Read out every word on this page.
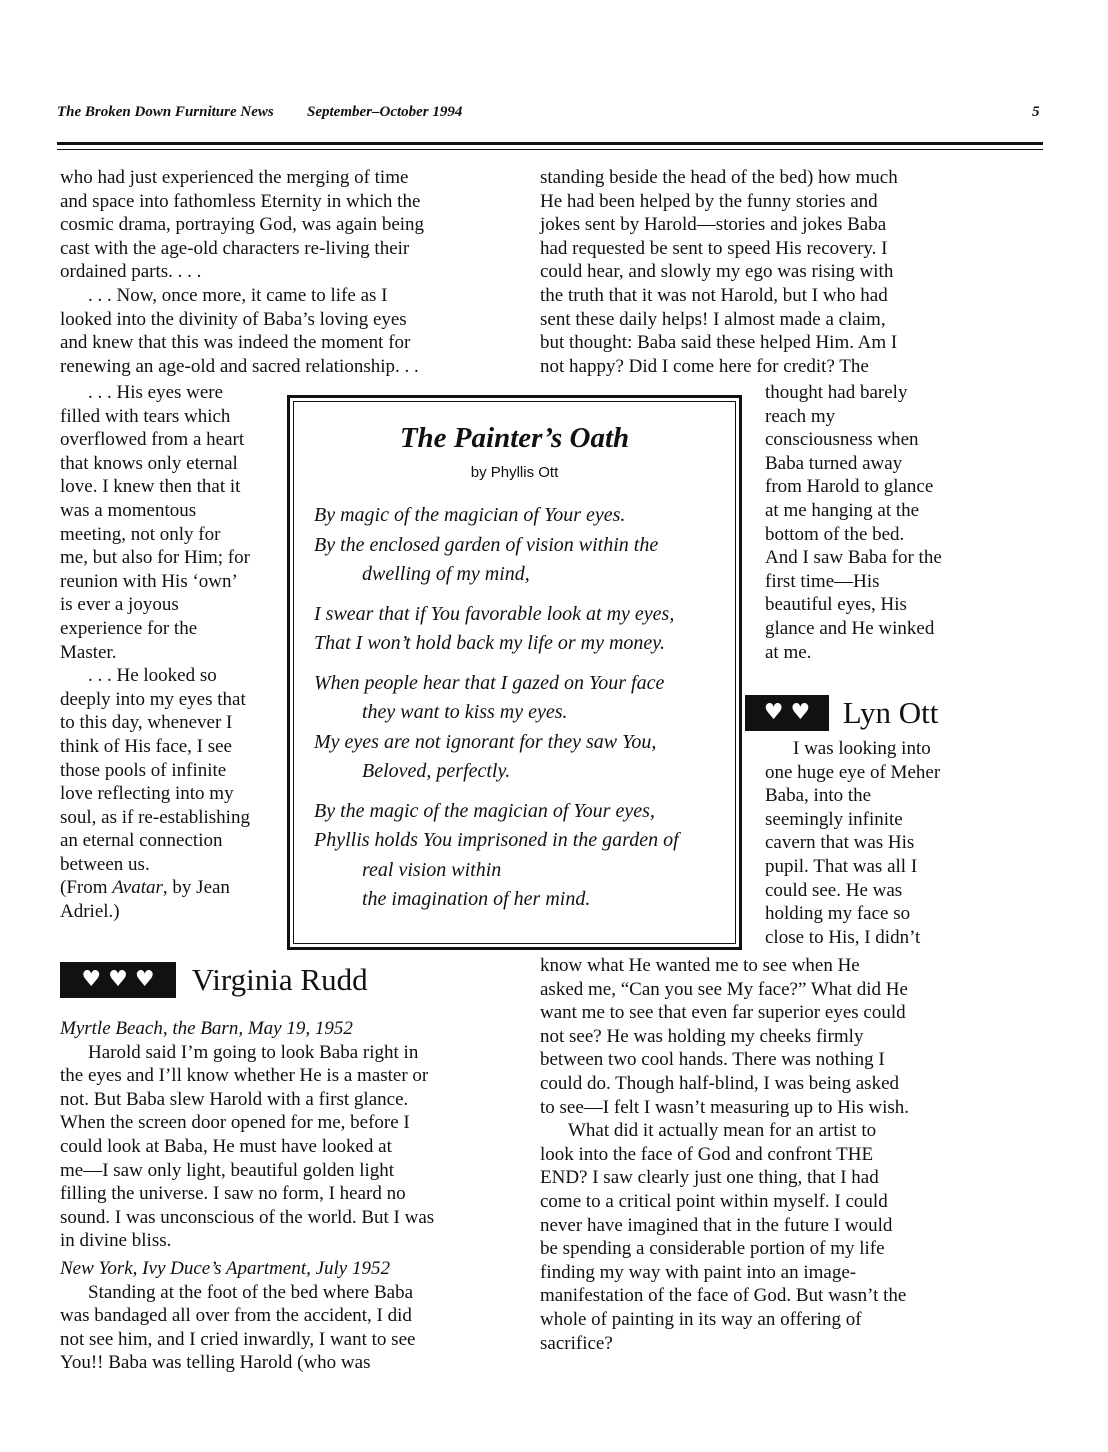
The Broken Down Furniture News September–October 1994	5
who had just experienced the merging of time
and space into fathomless Eternity in which the
cosmic drama, portraying God, was again being
cast with the age-old characters re-living their
ordained parts. . . .
. . . Now, once more, it came to life as I
looked into the divinity of Baba’s loving eyes
and knew that this was indeed the moment for
renewing an age-old and sacred relationship. . .
. . . His eyes were
filled with tears which
overflowed from a heart
that knows only eternal
love. I knew then that it
was a momentous
meeting, not only for
me, but also for Him; for
reunion with His ‘own’
is ever a joyous
experience for the
Master.
. . . He looked so
deeply into my eyes that
to this day, whenever I
think of His face, I see
those pools of infinite
love reflecting into my
soul, as if re-establishing
an eternal connection
between us.
(From Avatar, by Jean
Adriel.)
standing beside the head of the bed) how much
He had been helped by the funny stories and
jokes sent by Harold—stories and jokes Baba
had requested be sent to speed His recovery. I
could hear, and slowly my ego was rising with
the truth that it was not Harold, but I who had
sent these daily helps! I almost made a claim,
but thought: Baba said these helped Him. Am I
not happy? Did I come here for credit? The
thought had barely
reach my
consciousness when
Baba turned away
from Harold to glance
at me hanging at the
bottom of the bed.
And I saw Baba for the
first time—His
beautiful eyes, His
glance and He winked
at me.
♥ ♥ Lyn Ott
I was looking into
one huge eye of Meher
Baba, into the
seemingly infinite
cavern that was His
pupil. That was all I
could see. He was
holding my face so
close to His, I didn’t
know what He wanted me to see when He
asked me, “Can you see My face?” What did He
want me to see that even far superior eyes could
not see? He was holding my cheeks firmly
between two cool hands. There was nothing I
could do. Though half-blind, I was being asked
to see—I felt I wasn’t measuring up to His wish.
What did it actually mean for an artist to
look into the face of God and confront THE
END? I saw clearly just one thing, that I had
come to a critical point within myself. I could
never have imagined that in the future I would
be spending a considerable portion of my life
finding my way with paint into an image-
manifestation of the face of God. But wasn’t the
whole of painting in its way an offering of
sacrifice?
♥ ♥ ♥ Virginia Rudd
Myrtle Beach, the Barn, May 19, 1952
Harold said I’m going to look Baba right in
the eyes and I’ll know whether He is a master or
not. But Baba slew Harold with a first glance.
When the screen door opened for me, before I
could look at Baba, He must have looked at
me—I saw only light, beautiful golden light
filling the universe. I saw no form, I heard no
sound. I was unconscious of the world. But I was
in divine bliss.
New York, Ivy Duce’s Apartment, July 1952
Standing at the foot of the bed where Baba
was bandaged all over from the accident, I did
not see him, and I cried inwardly, I want to see
You!! Baba was telling Harold (who was
The Painter’s Oath
by Phyllis Ott
By magic of the magician of Your eyes.
By the enclosed garden of vision within the
dwelling of my mind,
I swear that if You favorable look at my eyes,
That I won’t hold back my life or my money.
When people hear that I gazed on Your face
they want to kiss my eyes.
My eyes are not ignorant for they saw You,
Beloved, perfectly.
By the magic of the magician of Your eyes,
Phyllis holds You imprisoned in the garden of
real vision within
the imagination of her mind.
